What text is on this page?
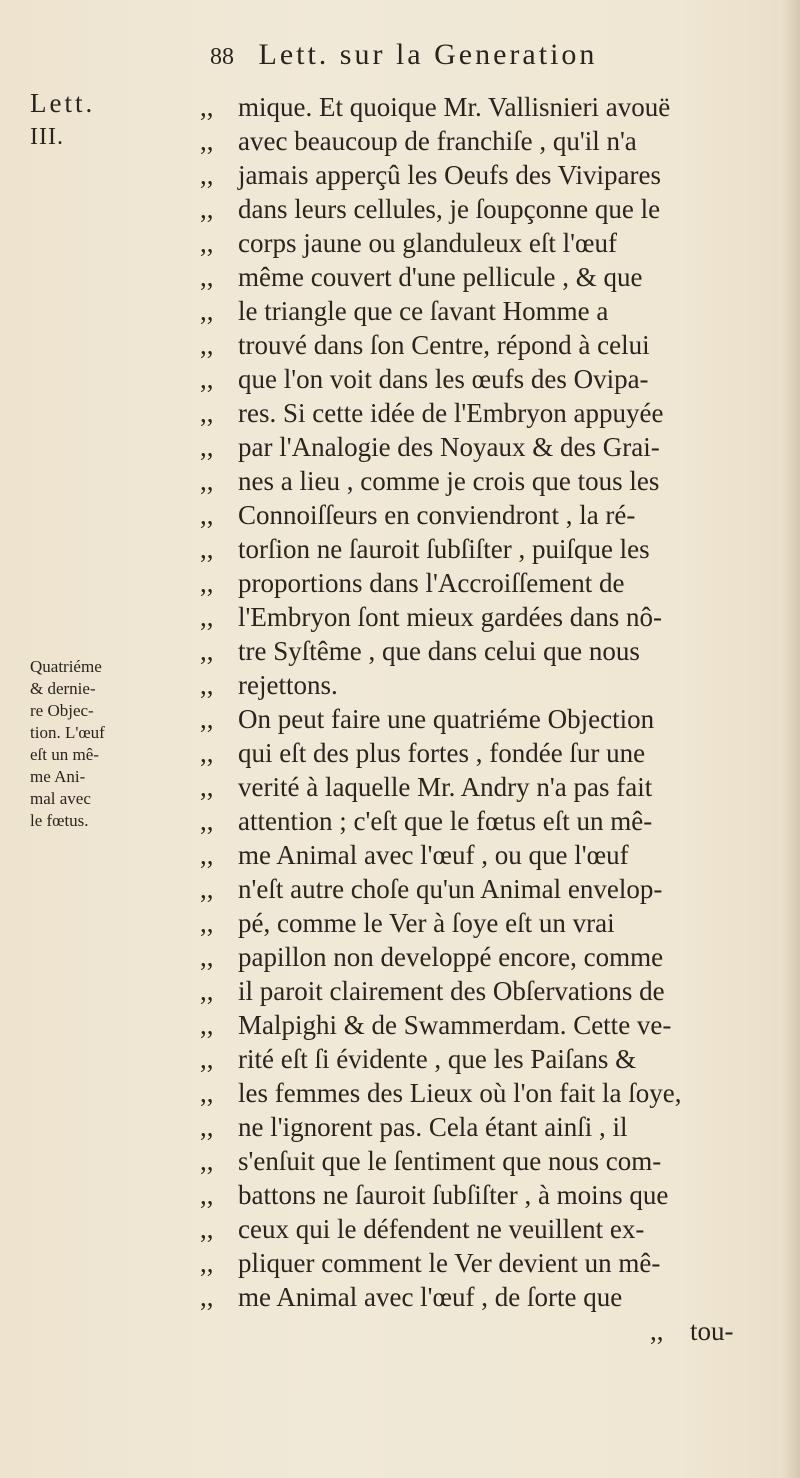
88 Lett. sur la Generation
Lett.
III.
Quatriéme
& dernie-
re Objec-
tion. L'œuf
eſt un mê-
me Ani-
mal avec
le fœtus.
,, mique. Et quoique Mr. Vallisnieri avouë
,, avec beaucoup de franchiſe , qu'il n'a
,, jamais apperçû les Oeufs des Vivipares
,, dans leurs cellules, je ſoupçonne que le
,, corps jaune ou glanduleux eſt l'œuf
,, même couvert d'une pellicule , & que
,, le triangle que ce ſavant Homme a
,, trouvé dans ſon Centre, répond à celui
,, que l'on voit dans les œufs des Ovipa-
,, res. Si cette idée de l'Embryon appuyée
,, par l'Analogie des Noyaux & des Grai-
,, nes a lieu , comme je crois que tous les
,, Connoiſſeurs en conviendront , la ré-
,, torſion ne ſauroit ſubſiſter , puiſque les
,, proportions dans l'Accroiſſement de
,, l'Embryon ſont mieux gardées dans nô-
,, tre Syſtême , que dans celui que nous
,, rejettons.
,, On peut faire une quatriéme Objection
,, qui eſt des plus fortes , fondée ſur une
,, verité à laquelle Mr. Andry n'a pas fait
,, attention ; c'eſt que le fœtus eſt un mê-
,, me Animal avec l'œuf , ou que l'œuf
,, n'eſt autre choſe qu'un Animal envelop-
,, pé, comme le Ver à ſoye eſt un vrai
,, papillon non developpé encore, comme
,, il paroit clairement des Obſervations de
,, Malpighi & de Swammerdam. Cette ve-
,, rité eſt ſi évidente , que les Paiſans &
,, les femmes des Lieux où l'on fait la ſoye,
,, ne l'ignorent pas. Cela étant ainſi , il
,, s'enſuit que le ſentiment que nous com-
,, battons ne ſauroit ſubſiſter , à moins que
,, ceux qui le défendent ne veuillent ex-
,, pliquer comment le Ver devient un mê-
,, me Animal avec l'œuf , de ſorte que
,, tou-
